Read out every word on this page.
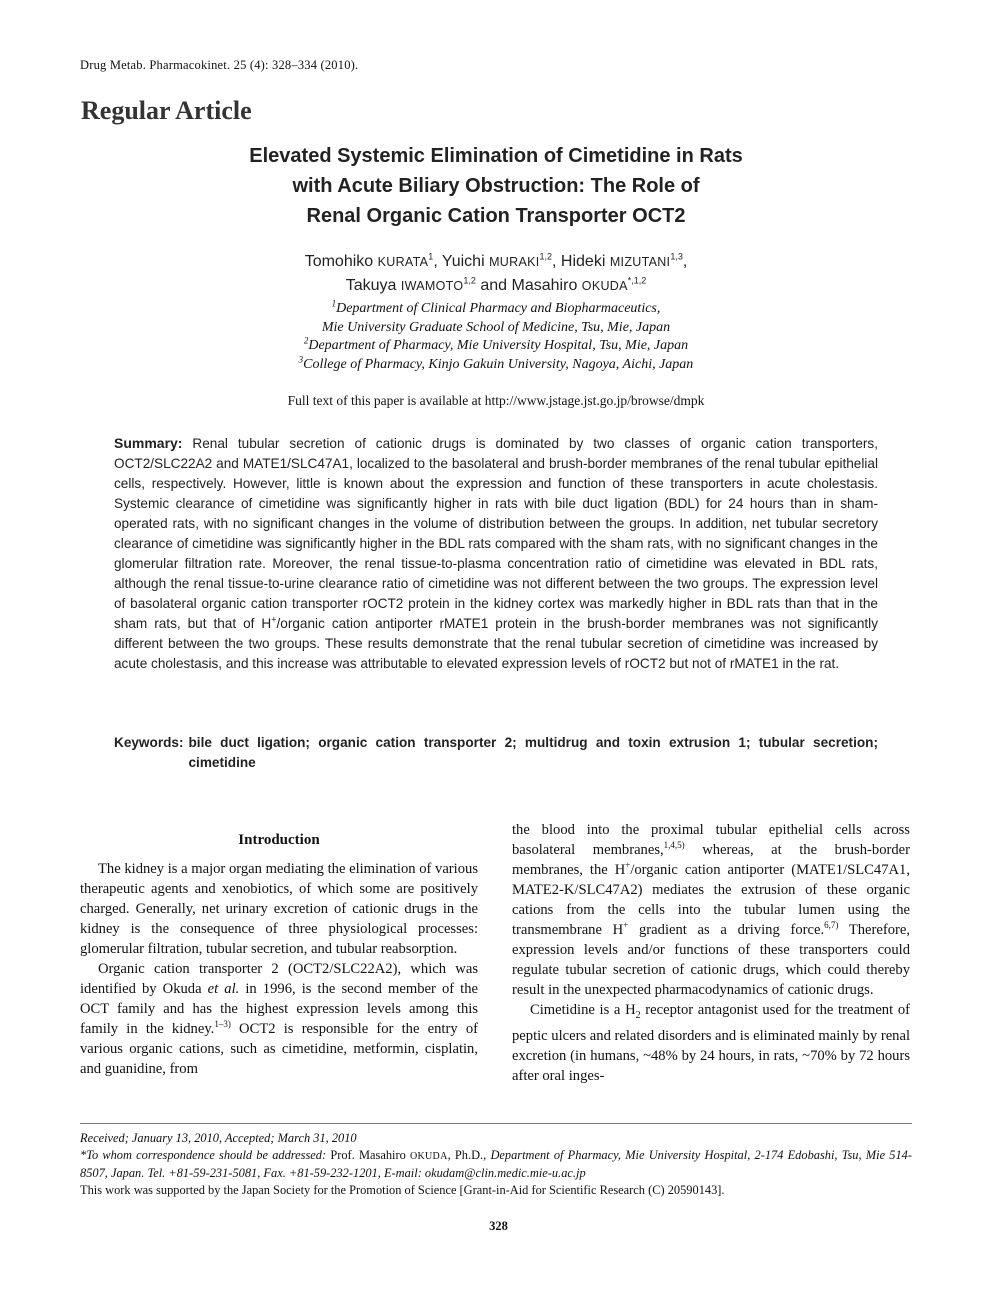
Drug Metab. Pharmacokinet. 25 (4): 328–334 (2010).
Regular Article
Elevated Systemic Elimination of Cimetidine in Rats
with Acute Biliary Obstruction: The Role of
Renal Organic Cation Transporter OCT2
Tomohiko KURATA$^1$, Yuichi MURAKI$^{1,2}$, Hideki MIZUTANI$^{1,3}$,
Takuya IWAMOTO$^{1,2}$ and Masahiro $OKUDA^{*,1,2}$
$^1$Department of Clinical Pharmacy and Biopharmaceutics,
Mie University Graduate School of Medicine, Tsu, Mie, Japan
$^2$Department of Pharmacy, Mie University Hospital, Tsu, Mie, Japan
$^3$College of Pharmacy, Kinjo Gakuin University, Nagoya, Aichi, Japan
Full text of this paper is available at http://www.jstage.jst.go.jp/browse/dmpk
Summary: Renal tubular secretion of cationic drugs is dominated by two classes of organic cation transporters, OCT2/SLC22A2 and MATE1/SLC47A1, localized to the basolateral and brush-border membranes of the renal tubular epithelial cells, respectively. However, little is known about the expression and function of these transporters in acute cholestasis. Systemic clearance of cimetidine was significantly higher in rats with bile duct ligation (BDL) for 24 hours than in sham-operated rats, with no significant changes in the volume of distribution between the groups. In addition, net tubular secretory clearance of cimetidine was significantly higher in the BDL rats compared with the sham rats, with no significant changes in the glomerular filtration rate. Moreover, the renal tissue-to-plasma concentration ratio of cimetidine was elevated in BDL rats, although the renal tissue-to-urine clearance ratio of cimetidine was not different between the two groups. The expression level of basolateral organic cation transporter rOCT2 protein in the kidney cortex was markedly higher in BDL rats than that in the sham rats, but that of H+/organic cation antiporter rMATE1 protein in the brush-border membranes was not significantly different between the two groups. These results demonstrate that the renal tubular secretion of cimetidine was increased by acute cholestasis, and this increase was attributable to elevated expression levels of rOCT2 but not of rMATE1 in the rat.
Keywords: bile duct ligation; organic cation transporter 2; multidrug and toxin extrusion 1; tubular secretion; cimetidine
Introduction

The kidney is a major organ mediating the elimination of various therapeutic agents and xenobiotics, of which some are positively charged. Generally, net urinary excretion of cationic drugs in the kidney is the consequence of three physiological processes: glomerular filtration, tubular secretion, and tubular reabsorption.

Organic cation transporter 2 (OCT2/SLC22A2), which was identified by Okuda et al. in 1996, is the second member of the OCT family and has the highest expression levels among this family in the kidney.$^{1-3)}$ OCT2 is responsible for the entry of various organic cations, such as cimetidine, metformin, cisplatin, and guanidine, from

the blood into the proximal tubular epithelial cells across basolateral membranes,$^{1,4,5)}$ whereas, at the brush-border membranes, the H+/organic cation antiporter (MATE1/SLC47A1, MATE2-K/SLC47A2) mediates the extrusion of these organic cations from the cells into the tubular lumen using the transmembrane H+ gradient as a driving force.$^{6,7)}$ Therefore, expression levels and/or functions of these transporters could regulate tubular secretion of cationic drugs, which could thereby result in the unexpected pharmacodynamics of cationic drugs.

Cimetidine is a $H_2$ receptor antagonist used for the treatment of peptic ulcers and related disorders and is eliminated mainly by renal excretion (in humans, ~48% by 24 hours, in rats, ~70% by 72 hours after oral inges-

Received; January 13, 2010, Accepted; March 31, 2010
*To whom correspondence should be addressed: Prof. Masahiro OKUDA, Ph.D., Department of Pharmacy, Mie University Hospital, 2-174 Edobashi, Tsu, Mie 514-8507, Japan. Tel. +81-59-231-5081, Fax. +81-59-232-1201, E-mail: okudam@clin.medic.mie-u.ac.jp
This work was supported by the Japan Society for the Promotion of Science [Grant-in-Aid for Scientific Research (C) 20590143].
328
